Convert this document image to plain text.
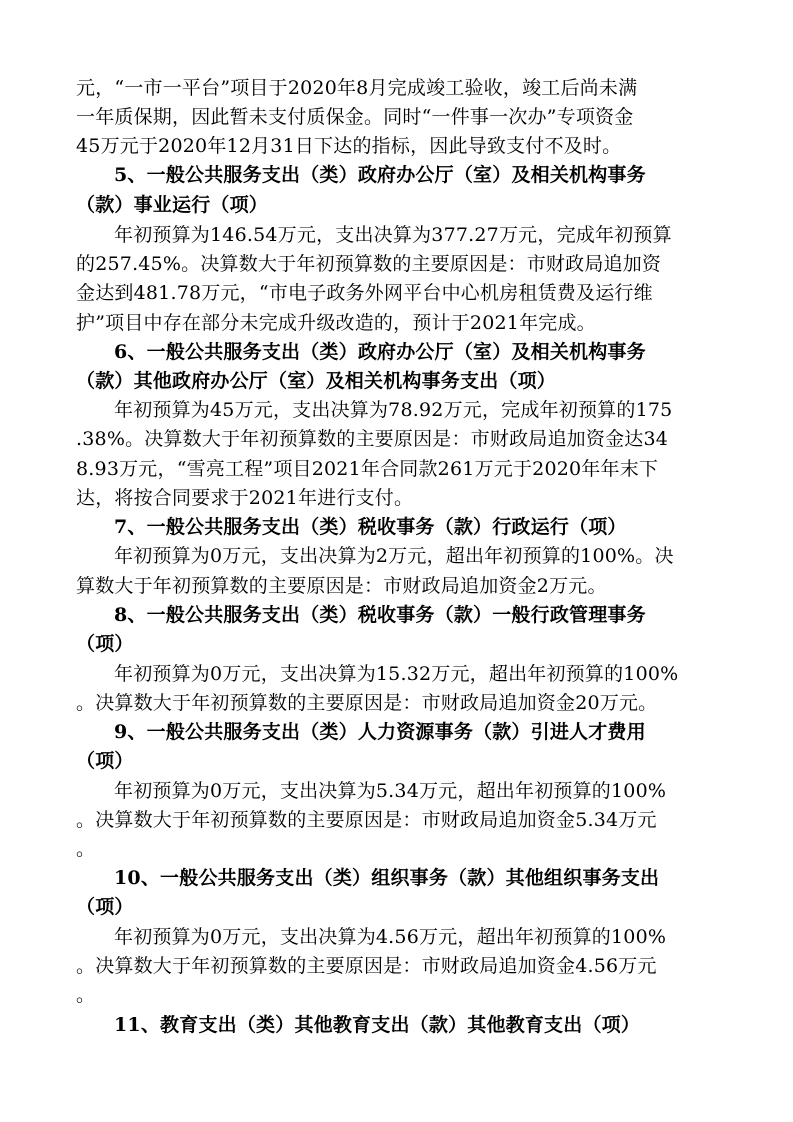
元，“一市一平台”项目于2020年8月完成竣工验收，竣工后尚未满
一年质保期，因此暂未支付质保金。同时“一件事一次办”专项资金
45万元于2020年12月31日下达的指标，因此导致支付不及时。
5、一般公共服务支出（类）政府办公厅（室）及相关机构事务
（款）事业运行（项）
年初预算为146.54万元，支出决算为377.27万元，完成年初预算
的257.45%。决算数大于年初预算数的主要原因是：市财政局追加资
金达到481.78万元，“市电子政务外网平台中心机房租赁费及运行维
护”项目中存在部分未完成升级改造的，预计于2021年完成。
6、一般公共服务支出（类）政府办公厅（室）及相关机构事务
（款）其他政府办公厅（室）及相关机构事务支出（项）
年初预算为45万元，支出决算为78.92万元，完成年初预算的175
.38%。决算数大于年初预算数的主要原因是：市财政局追加资金达34
8.93万元，“雪亮工程”项目2021年合同款261万元于2020年年末下
达，将按合同要求于2021年进行支付。
7、一般公共服务支出（类）税收事务（款）行政运行（项）
年初预算为0万元，支出决算为2万元，超出年初预算的100%。决
算数大于年初预算数的主要原因是：市财政局追加资金2万元。
8、一般公共服务支出（类）税收事务（款）一般行政管理事务
（项）
年初预算为0万元，支出决算为15.32万元，超出年初预算的100%
。决算数大于年初预算数的主要原因是：市财政局追加资金20万元。
9、一般公共服务支出（类）人力资源事务（款）引进人才费用
（项）
年初预算为0万元，支出决算为5.34万元，超出年初预算的100%
。决算数大于年初预算数的主要原因是：市财政局追加资金5.34万元
。
10、一般公共服务支出（类）组织事务（款）其他组织事务支出
（项）
年初预算为0万元，支出决算为4.56万元，超出年初预算的100%
。决算数大于年初预算数的主要原因是：市财政局追加资金4.56万元
。
11、教育支出（类）其他教育支出（款）其他教育支出（项）
